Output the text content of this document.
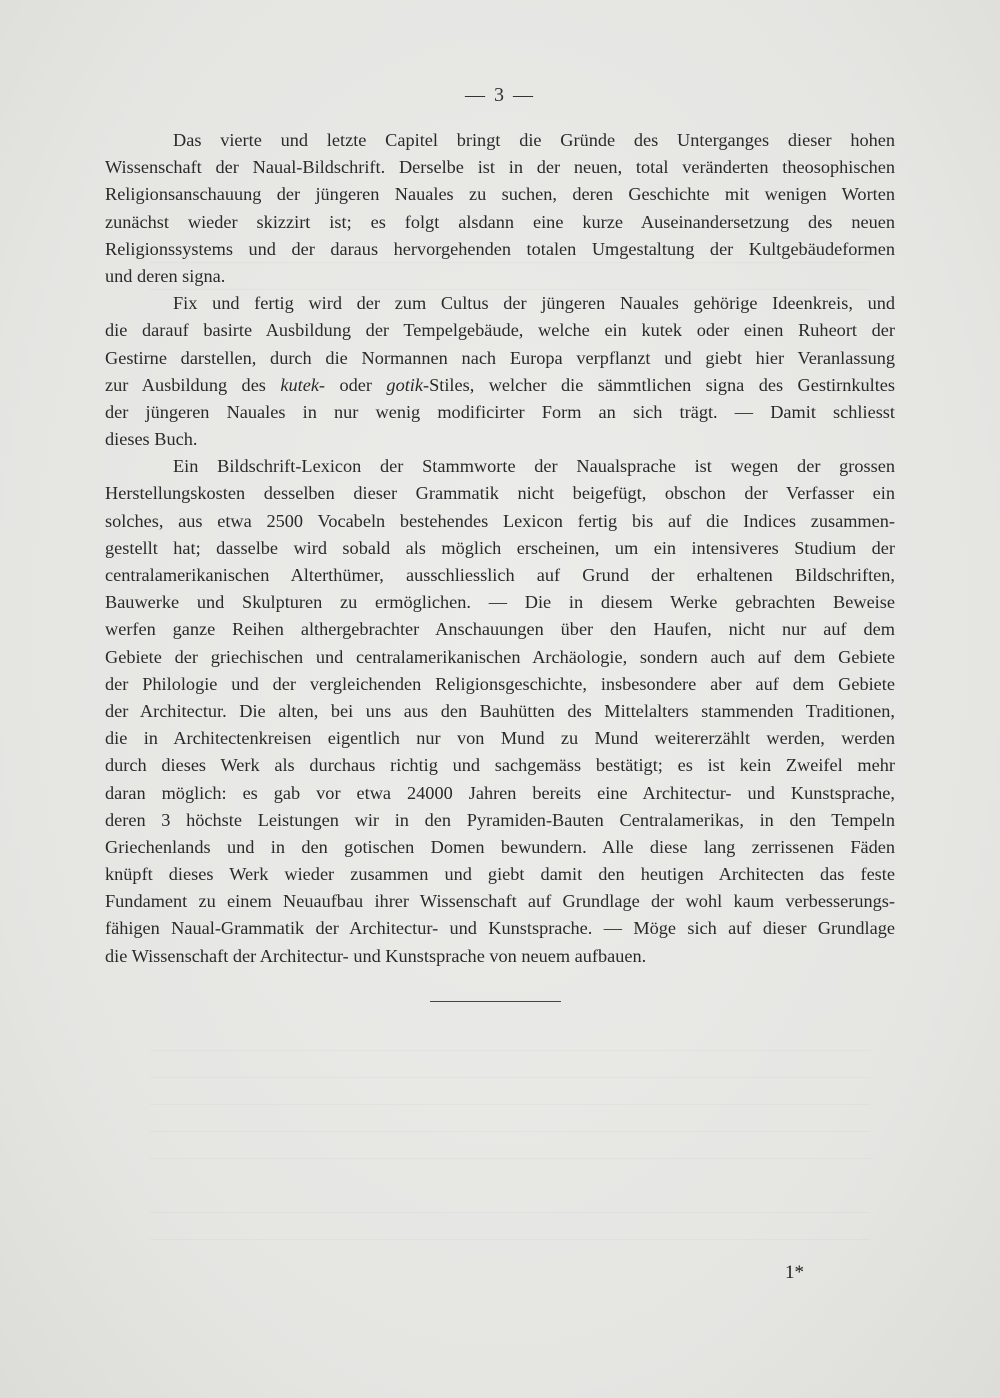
— 3 —
Das vierte und letzte Capitel bringt die Gründe des Unterganges dieser hohen
Wissenschaft der Naual-Bildschrift. Derselbe ist in der neuen, total veränderten theosophischen
Religionsanschauung der jüngeren Nauales zu suchen, deren Geschichte mit wenigen Worten
zunächst wieder skizzirt ist; es folgt alsdann eine kurze Auseinandersetzung des neuen
Religionssystems und der daraus hervorgehenden totalen Umgestaltung der Kultgebäudeformen
und deren signa.
Fix und fertig wird der zum Cultus der jüngeren Nauales gehörige Ideenkreis, und
die darauf basirte Ausbildung der Tempelgebäude, welche ein kutek oder einen Ruheort der
Gestirne darstellen, durch die Normannen nach Europa verpflanzt und giebt hier Veranlassung
zur Ausbildung des kutek- oder gotik-Stiles, welcher die sämmtlichen signa des Gestirnkultes
der jüngeren Nauales in nur wenig modificirter Form an sich trägt. — Damit schliesst
dieses Buch.
Ein Bildschrift-Lexicon der Stammworte der Naualsprache ist wegen der grossen
Herstellungskosten desselben dieser Grammatik nicht beigefügt, obschon der Verfasser ein
solches, aus etwa 2500 Vocabeln bestehendes Lexicon fertig bis auf die Indices zusammen-
gestellt hat; dasselbe wird sobald als möglich erscheinen, um ein intensiveres Studium der
centralamerikanischen Alterthümer, ausschliesslich auf Grund der erhaltenen Bildschriften,
Bauwerke und Skulpturen zu ermöglichen. — Die in diesem Werke gebrachten Beweise
werfen ganze Reihen althergebrachter Anschauungen über den Haufen, nicht nur auf dem
Gebiete der griechischen und centralamerikanischen Archäologie, sondern auch auf dem Gebiete
der Philologie und der vergleichenden Religionsgeschichte, insbesondere aber auf dem Gebiete
der Architectur. Die alten, bei uns aus den Bauhütten des Mittelalters stammenden Traditionen,
die in Architectenkreisen eigentlich nur von Mund zu Mund weitererzählt werden, werden
durch dieses Werk als durchaus richtig und sachgemäss bestätigt; es ist kein Zweifel mehr
daran möglich: es gab vor etwa 24000 Jahren bereits eine Architectur- und Kunstsprache,
deren 3 höchste Leistungen wir in den Pyramiden-Bauten Centralamerikas, in den Tempeln
Griechenlands und in den gotischen Domen bewundern. Alle diese lang zerrissenen Fäden
knüpft dieses Werk wieder zusammen und giebt damit den heutigen Architecten das feste
Fundament zu einem Neuaufbau ihrer Wissenschaft auf Grundlage der wohl kaum verbesserungs-
fähigen Naual-Grammatik der Architectur- und Kunstsprache. — Möge sich auf dieser Grundlage
die Wissenschaft der Architectur- und Kunstsprache von neuem aufbauen.
1*
